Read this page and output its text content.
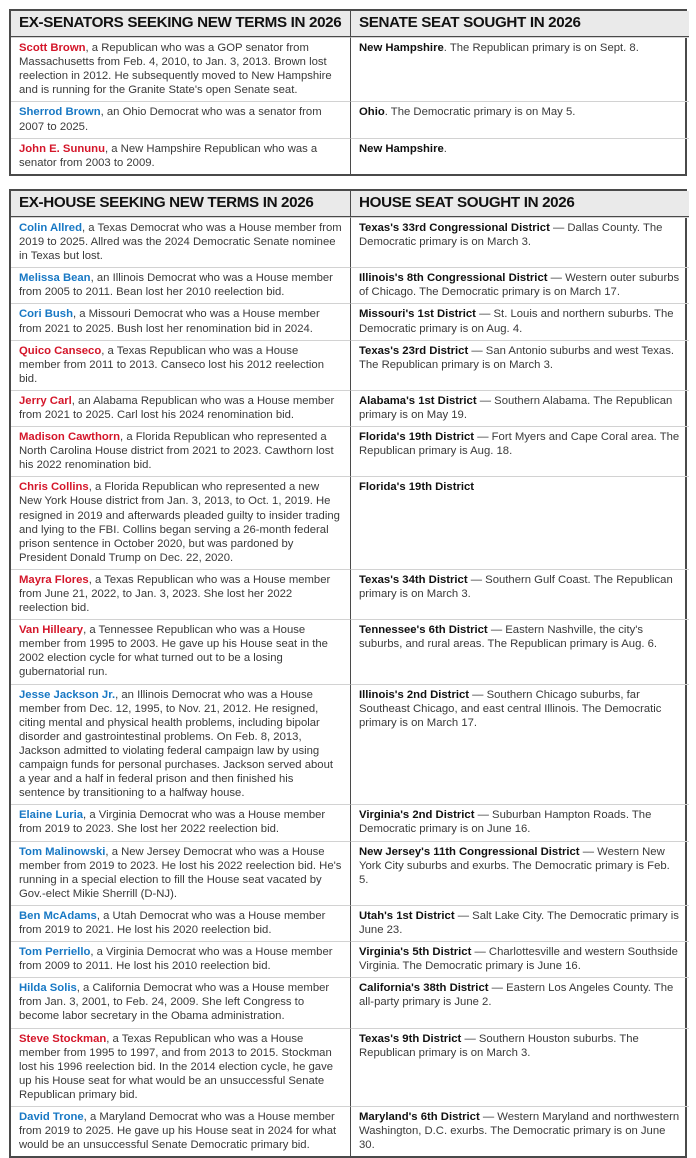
EX-SENATORS SEEKING NEW TERMS IN 2026	SENATE SEAT SOUGHT IN 2026
Scott Brown, a Republican who was a GOP senator from Massachusetts from Feb. 4, 2010, to Jan. 3, 2013. Brown lost reelection in 2012. He subsequently moved to New Hampshire and is running for the Granite State's open Senate seat.
New Hampshire. The Republican primary is on Sept. 8.
Sherrod Brown, an Ohio Democrat who was a senator from 2007 to 2025.
Ohio. The Democratic primary is on May 5.
John E. Sununu, a New Hampshire Republican who was a senator from 2003 to 2009.
New Hampshire.
EX-HOUSE SEEKING NEW TERMS IN 2026	HOUSE SEAT SOUGHT IN 2026
Colin Allred, a Texas Democrat who was a House member from 2019 to 2025. Allred was the 2024 Democratic Senate nominee in Texas but lost.
Texas's 33rd Congressional District — Dallas County. The Democratic primary is on March 3.
Melissa Bean, an Illinois Democrat who was a House member from 2005 to 2011. Bean lost her 2010 reelection bid.
Illinois's 8th Congressional District — Western outer suburbs of Chicago. The Democratic primary is on March 17.
Cori Bush, a Missouri Democrat who was a House member from 2021 to 2025. Bush lost her renomination bid in 2024.
Missouri's 1st District — St. Louis and northern suburbs. The Democratic primary is on Aug. 4.
Quico Canseco, a Texas Republican who was a House member from 2011 to 2013. Canseco lost his 2012 reelection bid.
Texas's 23rd District — San Antonio suburbs and west Texas. The Republican primary is on March 3.
Jerry Carl, an Alabama Republican who was a House member from 2021 to 2025. Carl lost his 2024 renomination bid.
Alabama's 1st District — Southern Alabama. The Republican primary is on May 19.
Madison Cawthorn, a Florida Republican who represented a North Carolina House district from 2021 to 2023. Cawthorn lost his 2022 renomination bid.
Florida's 19th District — Fort Myers and Cape Coral area. The Republican primary is Aug. 18.
Chris Collins, a Florida Republican who represented a new New York House district from Jan. 3, 2013, to Oct. 1, 2019. He resigned in 2019 and afterwards pleaded guilty to insider trading and lying to the FBI. Collins began serving a 26-month federal prison sentence in October 2020, but was pardoned by President Donald Trump on Dec. 22, 2020.
Florida's 19th District
Mayra Flores, a Texas Republican who was a House member from June 21, 2022, to Jan. 3, 2023. She lost her 2022 reelection bid.
Texas's 34th District — Southern Gulf Coast. The Republican primary is on March 3.
Van Hilleary, a Tennessee Republican who was a House member from 1995 to 2003. He gave up his House seat in the 2002 election cycle for what turned out to be a losing gubernatorial run.
Tennessee's 6th District — Eastern Nashville, the city's suburbs, and rural areas. The Republican primary is Aug. 6.
Jesse Jackson Jr., an Illinois Democrat who was a House member from Dec. 12, 1995, to Nov. 21, 2012. He resigned, citing mental and physical health problems, including bipolar disorder and gastrointestinal problems. On Feb. 8, 2013, Jackson admitted to violating federal campaign law by using campaign funds for personal purchases. Jackson served about a year and a half in federal prison and then finished his sentence by transitioning to a halfway house.
Illinois's 2nd District — Southern Chicago suburbs, far Southeast Chicago, and east central Illinois. The Democratic primary is on March 17.
Elaine Luria, a Virginia Democrat who was a House member from 2019 to 2023. She lost her 2022 reelection bid.
Virginia's 2nd District — Suburban Hampton Roads. The Democratic primary is on June 16.
Tom Malinowski, a New Jersey Democrat who was a House member from 2019 to 2023. He lost his 2022 reelection bid. He's running in a special election to fill the House seat vacated by Gov.-elect Mikie Sherrill (D-NJ).
New Jersey's 11th Congressional District — Western New York City suburbs and exurbs. The Democratic primary is Feb. 5.
Ben McAdams, a Utah Democrat who was a House member from 2019 to 2021. He lost his 2020 reelection bid.
Utah's 1st District — Salt Lake City. The Democratic primary is June 23.
Tom Perriello, a Virginia Democrat who was a House member from 2009 to 2011. He lost his 2010 reelection bid.
Virginia's 5th District — Charlottesville and western Southside Virginia. The Democratic primary is June 16.
Hilda Solis, a California Democrat who was a House member from Jan. 3, 2001, to Feb. 24, 2009. She left Congress to become labor secretary in the Obama administration.
California's 38th District — Eastern Los Angeles County. The all-party primary is June 2.
Steve Stockman, a Texas Republican who was a House member from 1995 to 1997, and from 2013 to 2015. Stockman lost his 1996 reelection bid. In the 2014 election cycle, he gave up his House seat for what would be an unsuccessful Senate Republican primary bid.
Texas's 9th District — Southern Houston suburbs. The Republican primary is on March 3.
David Trone, a Maryland Democrat who was a House member from 2019 to 2025. He gave up his House seat in 2024 for what would be an unsuccessful Senate Democratic primary bid.
Maryland's 6th District — Western Maryland and northwestern Washington, D.C. exurbs. The Democratic primary is on June 30.
